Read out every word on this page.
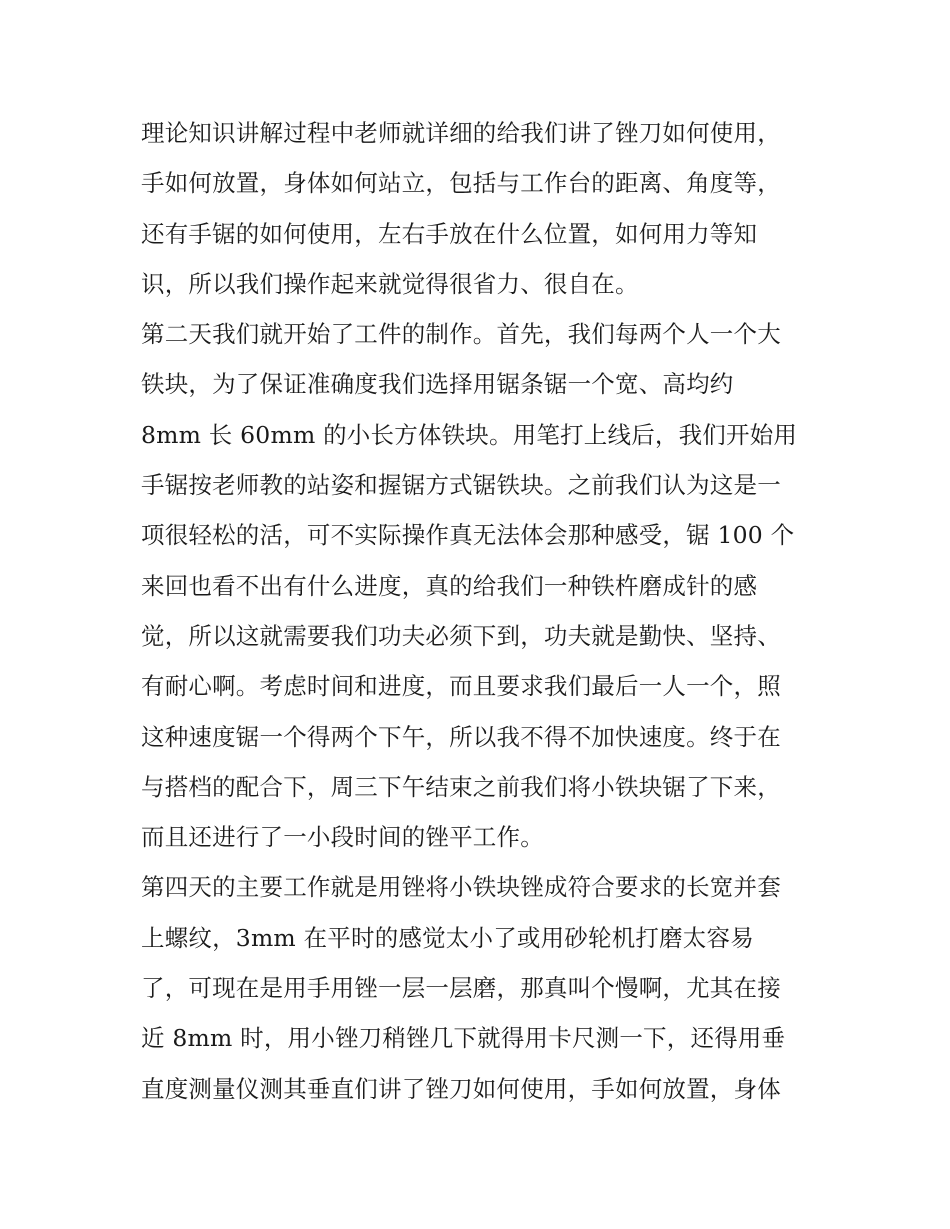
理论知识讲解过程中老师就详细的给我们讲了锉刀如何使用，
手如何放置，身体如何站立，包括与工作台的距离、角度等，
还有手锯的如何使用，左右手放在什么位置，如何用力等知
识，所以我们操作起来就觉得很省力、很自在。
第二天我们就开始了工件的制作。首先，我们每两个人一个大
铁块，为了保证准确度我们选择用锯条锯一个宽、高均约
8mm 长 60mm 的小长方体铁块。用笔打上线后，我们开始用
手锯按老师教的站姿和握锯方式锯铁块。之前我们认为这是一
项很轻松的活，可不实际操作真无法体会那种感受，锯 100 个
来回也看不出有什么进度，真的给我们一种铁杵磨成针的感
觉，所以这就需要我们功夫必须下到，功夫就是勤快、坚持、
有耐心啊。考虑时间和进度，而且要求我们最后一人一个，照
这种速度锯一个得两个下午，所以我不得不加快速度。终于在
与搭档的配合下，周三下午结束之前我们将小铁块锯了下来，
而且还进行了一小段时间的锉平工作。
第四天的主要工作就是用锉将小铁块锉成符合要求的长宽并套
上螺纹，3mm 在平时的感觉太小了或用砂轮机打磨太容易
了，可现在是用手用锉一层一层磨，那真叫个慢啊，尤其在接
近 8mm 时，用小锉刀稍锉几下就得用卡尺测一下，还得用垂
直度测量仪测其垂直们讲了锉刀如何使用，手如何放置，身体
